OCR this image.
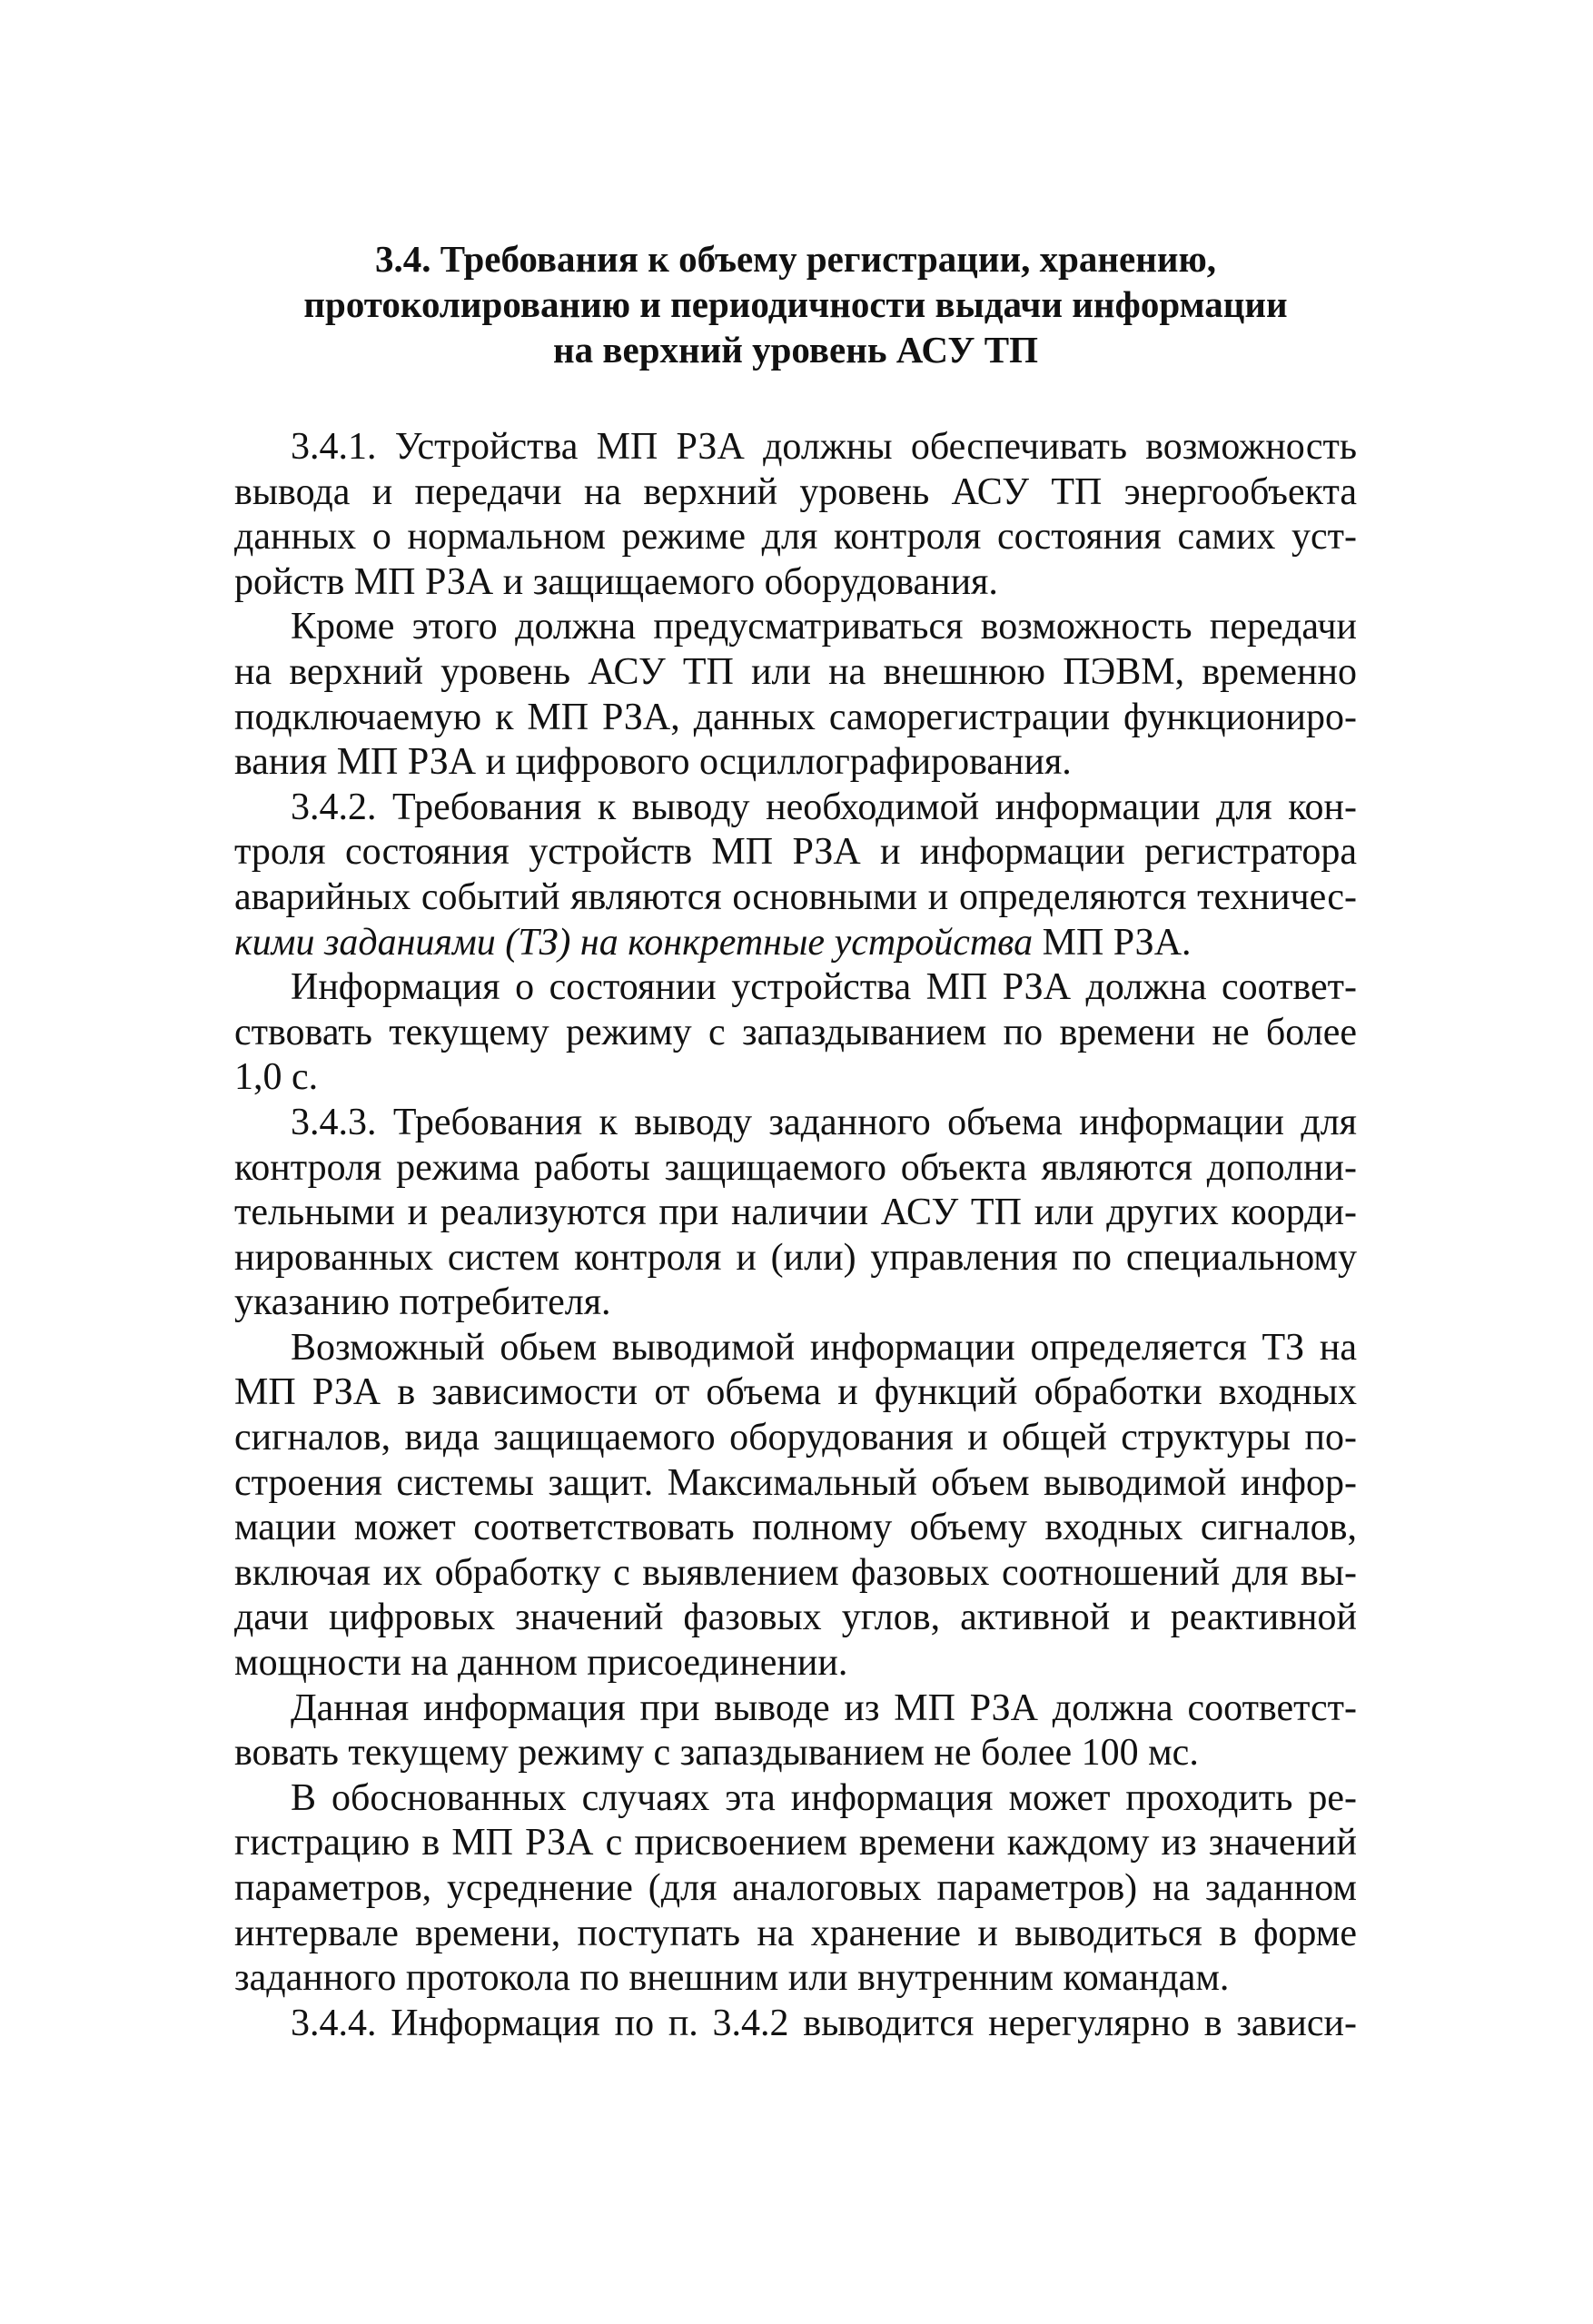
3.4. Требования к объему регистрации, хранению,
протоколированию и периодичности выдачи информации
на верхний уровень АСУ ТП

3.4.1. Устройства МП РЗА должны обеспечивать возможность
вывода и передачи на верхний уровень АСУ ТП энергообъекта
данных о нормальном режиме для контроля состояния самих уст-
ройств МП РЗА и защищаемого оборудования.

Кроме этого должна предусматриваться возможность передачи
на верхний уровень АСУ ТП или на внешнюю ПЭВМ, временно
подключаемую к МП РЗА, данных саморегистрации функциониро-
вания МП РЗА и цифрового осциллографирования.

3.4.2. Требования к выводу необходимой информации для кон-
троля состояния устройств МП РЗА и информации регистратора
аварийных событий являются основными и определяются техничес-
кими заданиями (ТЗ) на конкретные устройства МП РЗА.

Информация о состоянии устройства МП РЗА должна соответ-
ствовать текущему режиму с запаздыванием по времени не более
1,0 с.

3.4.3. Требования к выводу заданного объема информации для
контроля режима работы защищаемого объекта являются дополни-
тельными и реализуются при наличии АСУ ТП или других коорди-
нированных систем контроля и (или) управления по специальному
указанию потребителя.

Возможный обьем выводимой информации определяется ТЗ на
МП РЗА в зависимости от объема и функций обработки входных
сигналов, вида защищаемого оборудования и общей структуры по-
строения системы защит. Максимальный объем выводимой инфор-
мации может соответствовать полному объему входных сигналов,
включая их обработку с выявлением фазовых соотношений для вы-
дачи цифровых значений фазовых углов, активной и реактивной
мощности на данном присоединении.

Данная информация при выводе из МП РЗА должна соответст-
вовать текущему режиму с запаздыванием не более 100 мс.

В обоснованных случаях эта информация может проходить ре-
гистрацию в МП РЗА с присвоением времени каждому из значений
параметров, усреднение (для аналоговых параметров) на заданном
интервале времени, поступать на хранение и выводиться в форме
заданного протокола по внешним или внутренним командам.

3.4.4. Информация по п. 3.4.2 выводится нерегулярно в зависи-
